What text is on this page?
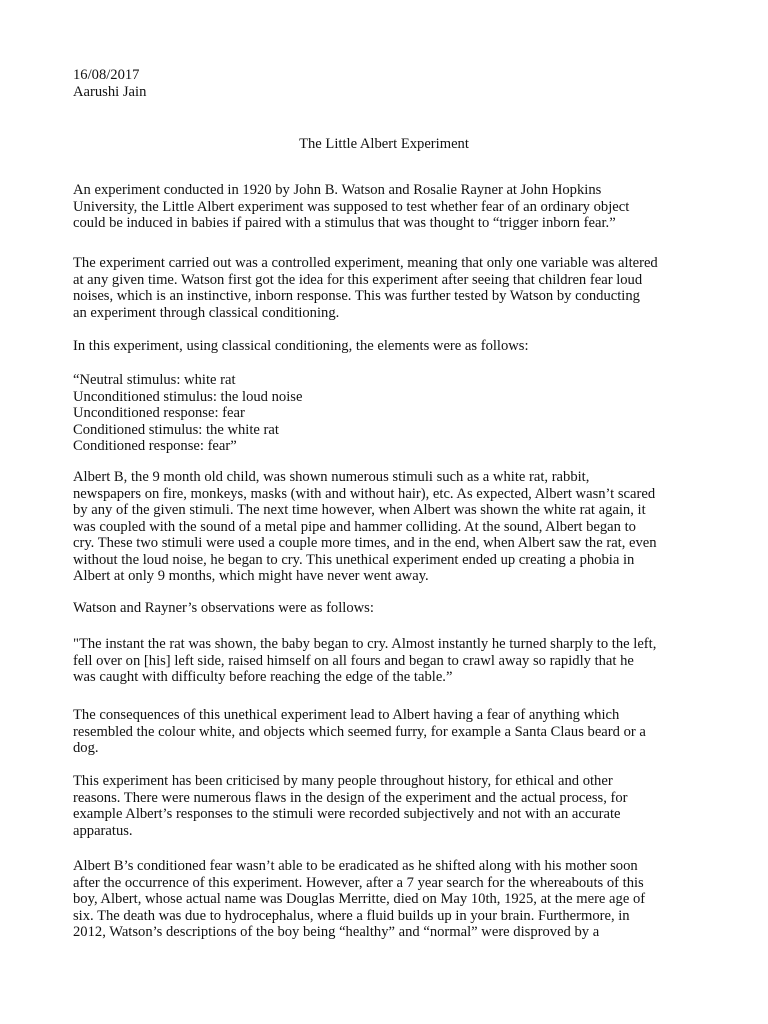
16/08/2017
Aarushi Jain
The Little Albert Experiment
An experiment conducted in 1920 by John B. Watson and Rosalie Rayner at John Hopkins
University, the Little Albert experiment was supposed to test whether fear of an ordinary object
could be induced in babies if paired with a stimulus that was thought to “trigger inborn fear.”
The experiment carried out was a controlled experiment, meaning that only one variable was altered
at any given time. Watson first got the idea for this experiment after seeing that children fear loud
noises, which is an instinctive, inborn response. This was further tested by Watson by conducting
an experiment through classical conditioning.
In this experiment, using classical conditioning, the elements were as follows:
“Neutral stimulus: white rat
Unconditioned stimulus: the loud noise
Unconditioned response: fear
Conditioned stimulus: the white rat
Conditioned response: fear”
Albert B, the 9 month old child, was shown numerous stimuli such as a white rat, rabbit,
newspapers on fire, monkeys, masks (with and without hair), etc. As expected, Albert wasn’t scared
by any of the given stimuli. The next time however, when Albert was shown the white rat again, it
was coupled with the sound of a metal pipe and hammer colliding. At the sound, Albert began to
cry. These two stimuli were used a couple more times, and in the end, when Albert saw the rat, even
without the loud noise, he began to cry. This unethical experiment ended up creating a phobia in
Albert at only 9 months, which might have never went away.
Watson and Rayner’s observations were as follows:
"The instant the rat was shown, the baby began to cry. Almost instantly he turned sharply to the left,
fell over on [his] left side, raised himself on all fours and began to crawl away so rapidly that he
was caught with difficulty before reaching the edge of the table.”
The consequences of this unethical experiment lead to Albert having a fear of anything which
resembled the colour white, and objects which seemed furry, for example a Santa Claus beard or a
dog.
This experiment has been criticised by many people throughout history, for ethical and other
reasons. There were numerous flaws in the design of the experiment and the actual process, for
example Albert’s responses to the stimuli were recorded subjectively and not with an accurate
apparatus.
Albert B’s conditioned fear wasn’t able to be eradicated as he shifted along with his mother soon
after the occurrence of this experiment. However, after a 7 year search for the whereabouts of this
boy, Albert, whose actual name was Douglas Merritte, died on May 10th, 1925, at the mere age of
six. The death was due to hydrocephalus, where a fluid builds up in your brain. Furthermore, in
2012, Watson’s descriptions of the boy being “healthy” and “normal” were disproved by a
